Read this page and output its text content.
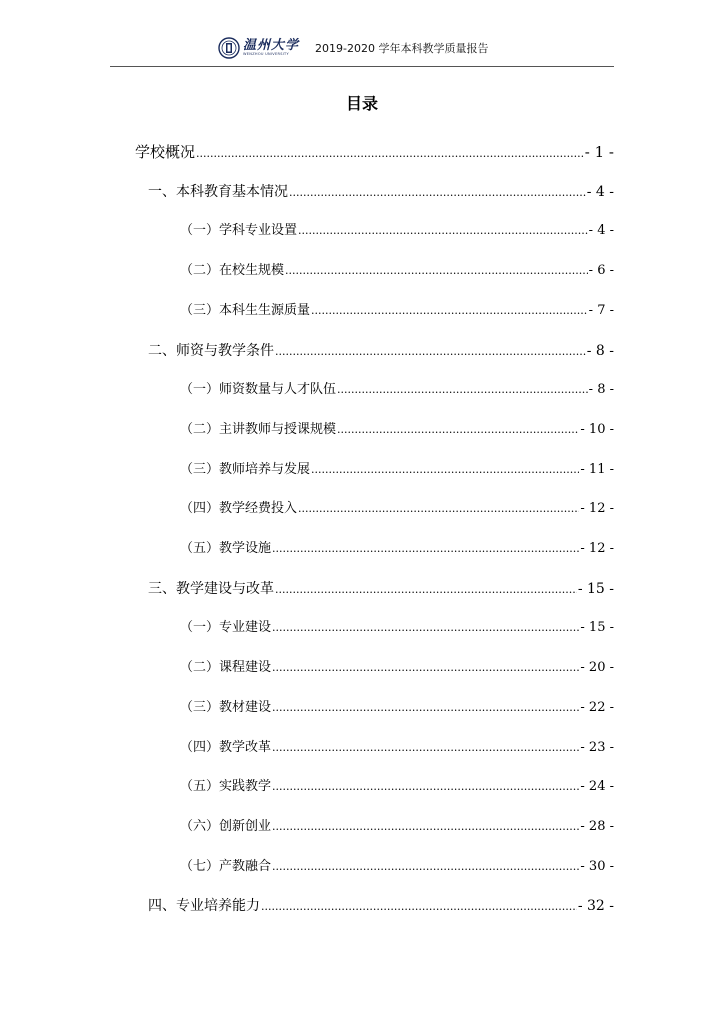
温州大学
WENZHOU UNIVERSITY 2019-2020 学年本科教学质量报告
目录
学校概况 .....	- 1 -
一、本科教育基本情况 .....	- 4 -
（一）学科专业设置 .....	- 4 -
（二）在校生规模 .....	- 6 -
（三）本科生生源质量 .....	- 7 -
二、师资与教学条件 .....	- 8 -
（一）师资数量与人才队伍 .....	- 8 -
（二）主讲教师与授课规模 .....	- 10 -
（三）教师培养与发展 .....	- 11 -
（四）教学经费投入 .....	- 12 -
（五）教学设施 .....	- 12 -
三、教学建设与改革 .....	- 15 -
（一）专业建设 .....	- 15 -
（二）课程建设 .....	- 20 -
（三）教材建设 .....	- 22 -
（四）教学改革 .....	- 23 -
（五）实践教学 .....	- 24 -
（六）创新创业 .....	- 28 -
（七）产教融合 .....	- 30 -
四、专业培养能力 .....	- 32 -
